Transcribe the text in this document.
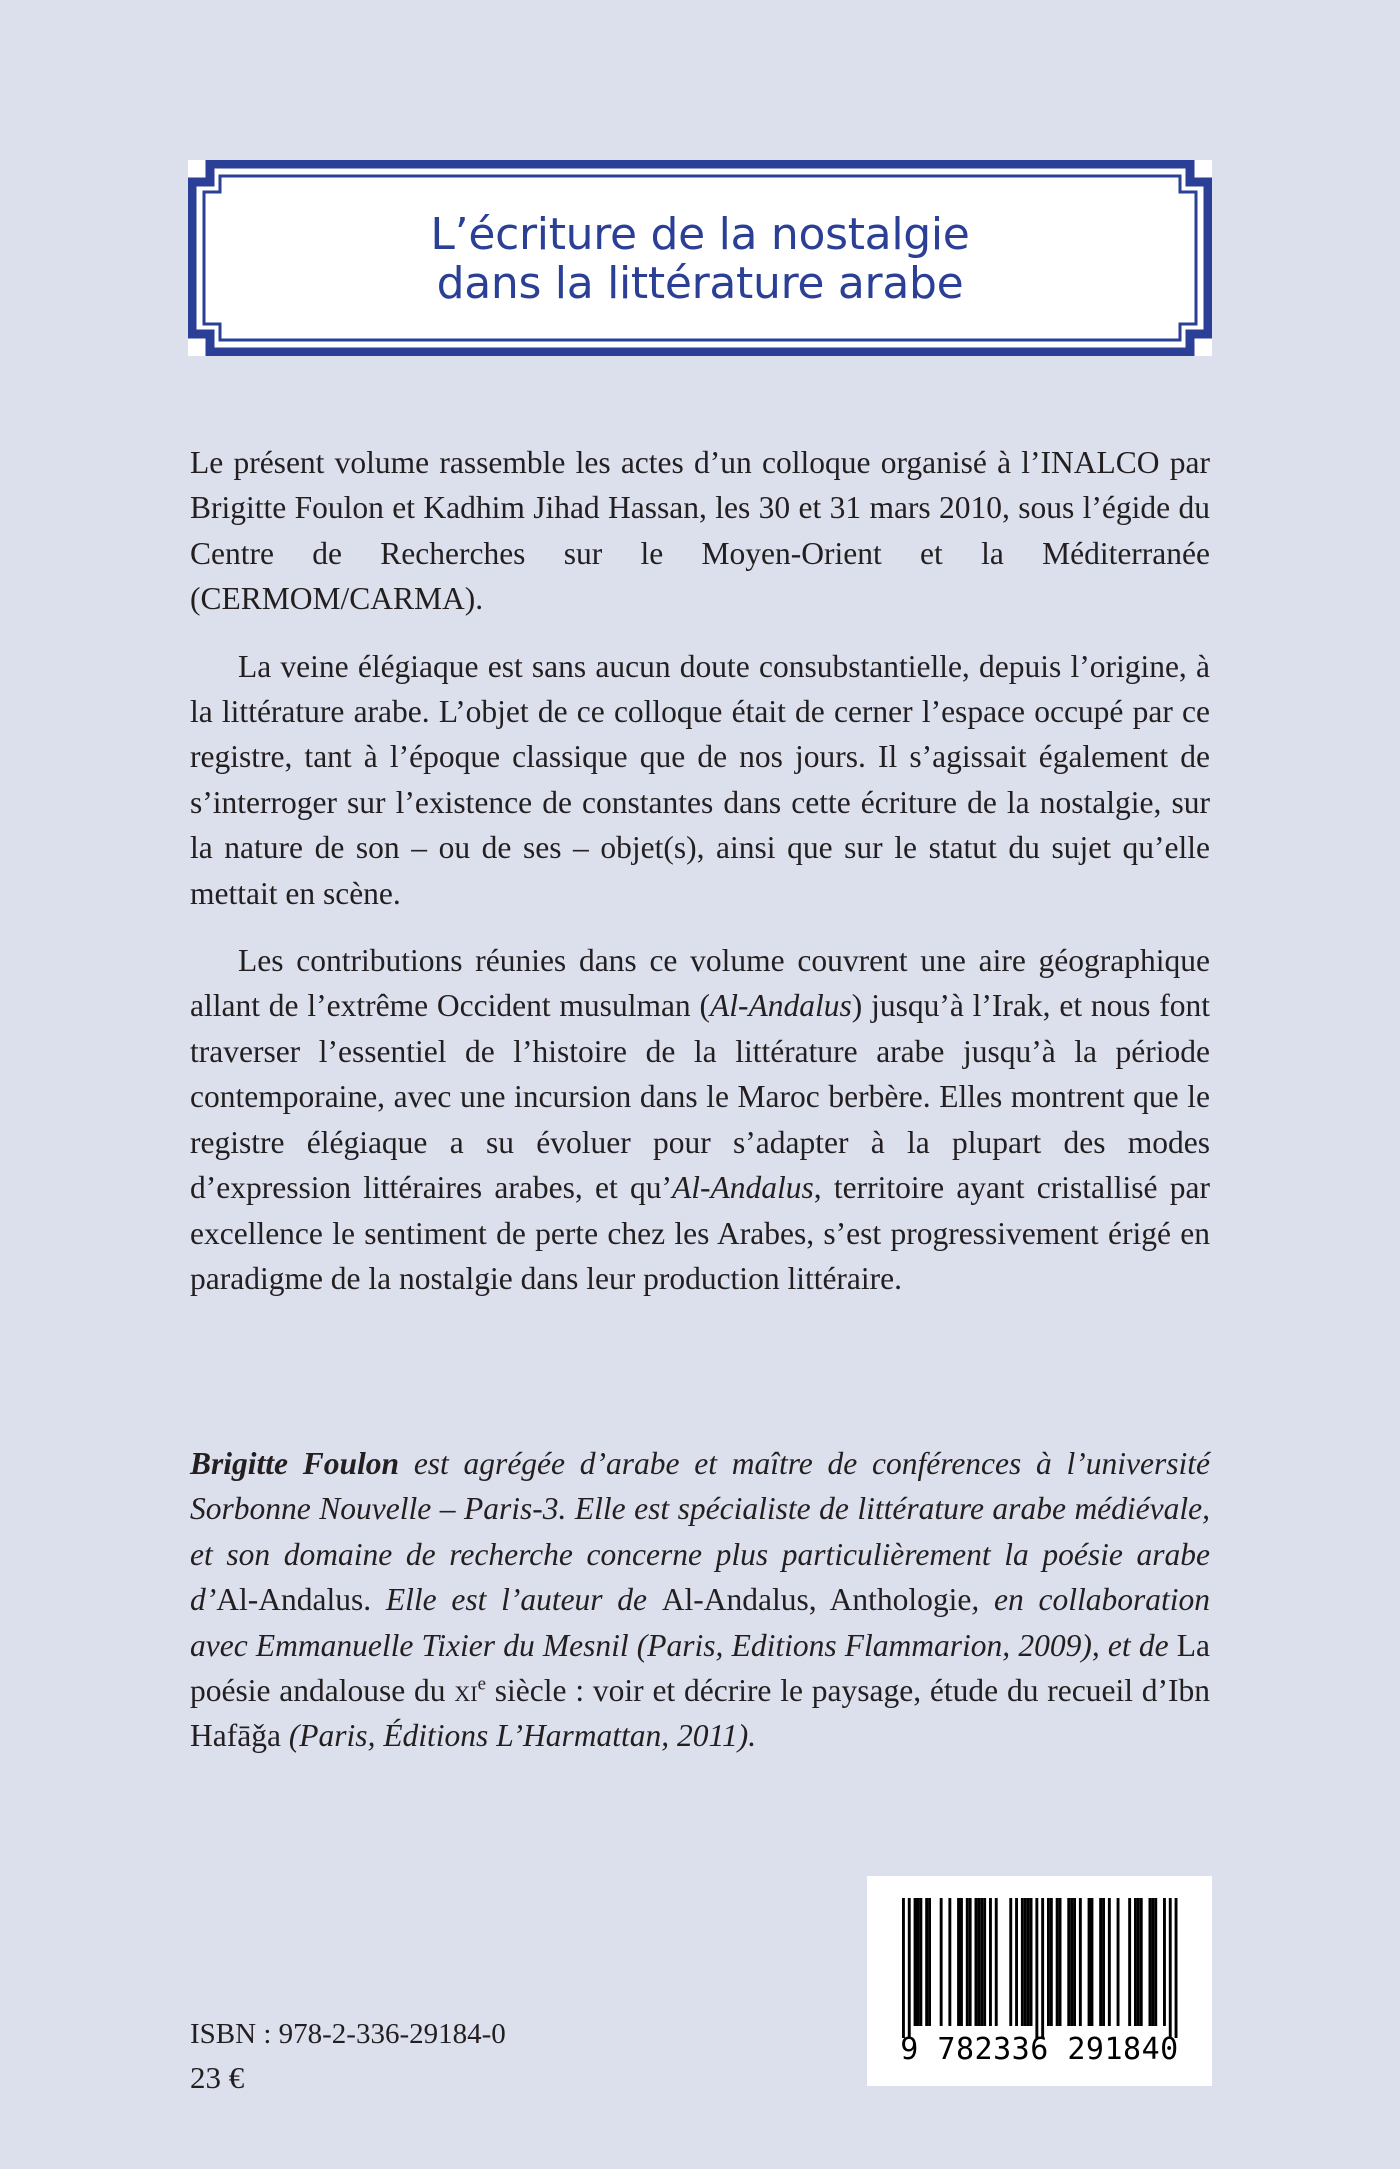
L’écriture de la nostalgie
dans la littérature arabe

Le présent volume rassemble les actes d’un colloque organisé à l’INALCO par Brigitte Foulon et Kadhim Jihad Hassan, les 30 et 31 mars 2010, sous l’égide du Centre de Recherches sur le Moyen-Orient et la Méditerranée (CERMOM/CARMA).

La veine élégiaque est sans aucun doute consubstantielle, depuis l’origine, à la littérature arabe. L’objet de ce colloque était de cerner l’espace occupé par ce registre, tant à l’époque classique que de nos jours. Il s’agissait également de s’interroger sur l’existence de constantes dans cette écriture de la nostalgie, sur la nature de son – ou de ses – objet(s), ainsi que sur le statut du sujet qu’elle mettait en scène.

Les contributions réunies dans ce volume couvrent une aire géographique allant de l’extrême Occident musulman (Al-Andalus) jusqu’à l’Irak, et nous font traverser l’essentiel de l’histoire de la littérature arabe jusqu’à la période contemporaine, avec une incursion dans le Maroc berbère. Elles montrent que le registre élégiaque a su évoluer pour s’adapter à la plupart des modes d’expression littéraires arabes, et qu’Al-Andalus, territoire ayant cristallisé par excellence le sentiment de perte chez les Arabes, s’est progressivement érigé en paradigme de la nostalgie dans leur production littéraire.

Brigitte Foulon est agrégée d’arabe et maître de conférences à l’université Sorbonne Nouvelle – Paris-3. Elle est spécialiste de littérature arabe médiévale, et son domaine de recherche concerne plus particulièrement la poésie arabe d’Al-Andalus. Elle est l’auteur de Al-Andalus, Anthologie, en collaboration avec Emmanuelle Tixier du Mesnil (Paris, Editions Flammarion, 2009), et de La poésie andalouse du $xi^e$ siècle : voir et décrire le paysage, étude du recueil d’Ibn Hafāǧa (Paris, Éditions L’Harmattan, 2011).
9 782336 291840
ISBN : 978-2-336-29184-0
23 €
